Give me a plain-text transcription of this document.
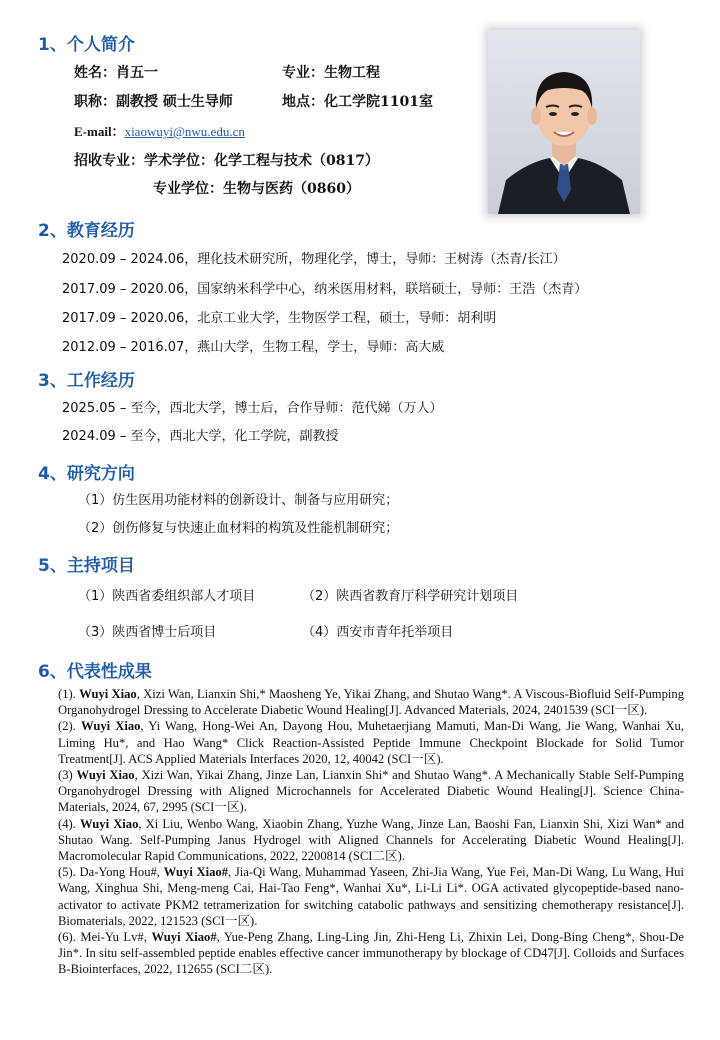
1、个人简介
2、教育经历
3、工作经历
4、研究方向
5、主持项目
6、代表性成果
姓名：肖五一	专业：生物工程
职称：副教授 硕士生导师	地点：化工学院1101室
E-mail：xiaowuyi@nwu.edu.cn
招收专业：学术学位：化学工程与技术（0817）
专业学位：生物与医药（0860）
2020.09 – 2024.06，理化技术研究所，物理化学，博士，导师：王树涛（杰青/长江）
2017.09 – 2020.06，国家纳米科学中心，纳米医用材料，联培硕士，导师：王浩（杰青）
2017.09 – 2020.06，北京工业大学，生物医学工程，硕士，导师：胡利明
2012.09 – 2016.07，燕山大学，生物工程，学士，导师：高大威
2025.05 – 至今，西北大学，博士后，合作导师：范代娣（万人）
2024.09 – 至今，西北大学，化工学院，副教授
（1）仿生医用功能材料的创新设计、制备与应用研究；
（2）创伤修复与快速止血材料的构筑及性能机制研究；
（1）陕西省委组织部人才项目	（2）陕西省教育厅科学研究计划项目
（3）陕西省博士后项目	（4）西安市青年托举项目

(1). Wuyi Xiao, Xizi Wan, Lianxin Shi,* Maosheng Ye, Yikai Zhang, and Shutao Wang*. A Viscous-Biofluid Self-Pumping Organohydrogel Dressing to Accelerate Diabetic Wound Healing[J]. Advanced Materials, 2024, 2401539 (SCI一区).

(2). Wuyi Xiao, Yi Wang, Hong-Wei An, Dayong Hou, Muhetaerjiang Mamuti, Man-Di Wang, Jie Wang, Wanhai Xu, Liming Hu*, and Hao Wang* Click Reaction-Assisted Peptide Immune Checkpoint Blockade for Solid Tumor Treatment[J]. ACS Applied Materials Interfaces 2020, 12, 40042 (SCI一区).

(3) Wuyi Xiao, Xizi Wan, Yikai Zhang, Jinze Lan, Lianxin Shi* and Shutao Wang*. A Mechanically Stable Self-Pumping Organohydrogel Dressing with Aligned Microchannels for Accelerated Diabetic Wound Healing[J]. Science China-Materials, 2024, 67, 2995 (SCI一区).

(4). Wuyi Xiao, Xi Liu, Wenbo Wang, Xiaobin Zhang, Yuzhe Wang, Jinze Lan, Baoshi Fan, Lianxin Shi, Xizi Wan* and Shutao Wang. Self-Pumping Janus Hydrogel with Aligned Channels for Accelerating Diabetic Wound Healing[J]. Macromolecular Rapid Communications, 2022, 2200814 (SCI二区).

(5). Da-Yong Hou#, Wuyi Xiao#, Jia-Qi Wang, Muhammad Yaseen, Zhi-Jia Wang, Yue Fei, Man-Di Wang, Lu Wang, Hui Wang, Xinghua Shi, Meng-meng Cai, Hai-Tao Feng*, Wanhai Xu*, Li-Li Li*. OGA activated glycopeptide-based nano-activator to activate PKM2 tetramerization for switching catabolic pathways and sensitizing chemotherapy resistance[J]. Biomaterials, 2022, 121523 (SCI一区).

(6). Mei-Yu Lv#, Wuyi Xiao#, Yue-Peng Zhang, Ling-Ling Jin, Zhi-Heng Li, Zhixin Lei, Dong-Bing Cheng*, Shou-De Jin*. In situ self-assembled peptide enables effective cancer immunotherapy by blockage of CD47[J]. Colloids and Surfaces B-Biointerfaces, 2022, 112655 (SCI二区).
